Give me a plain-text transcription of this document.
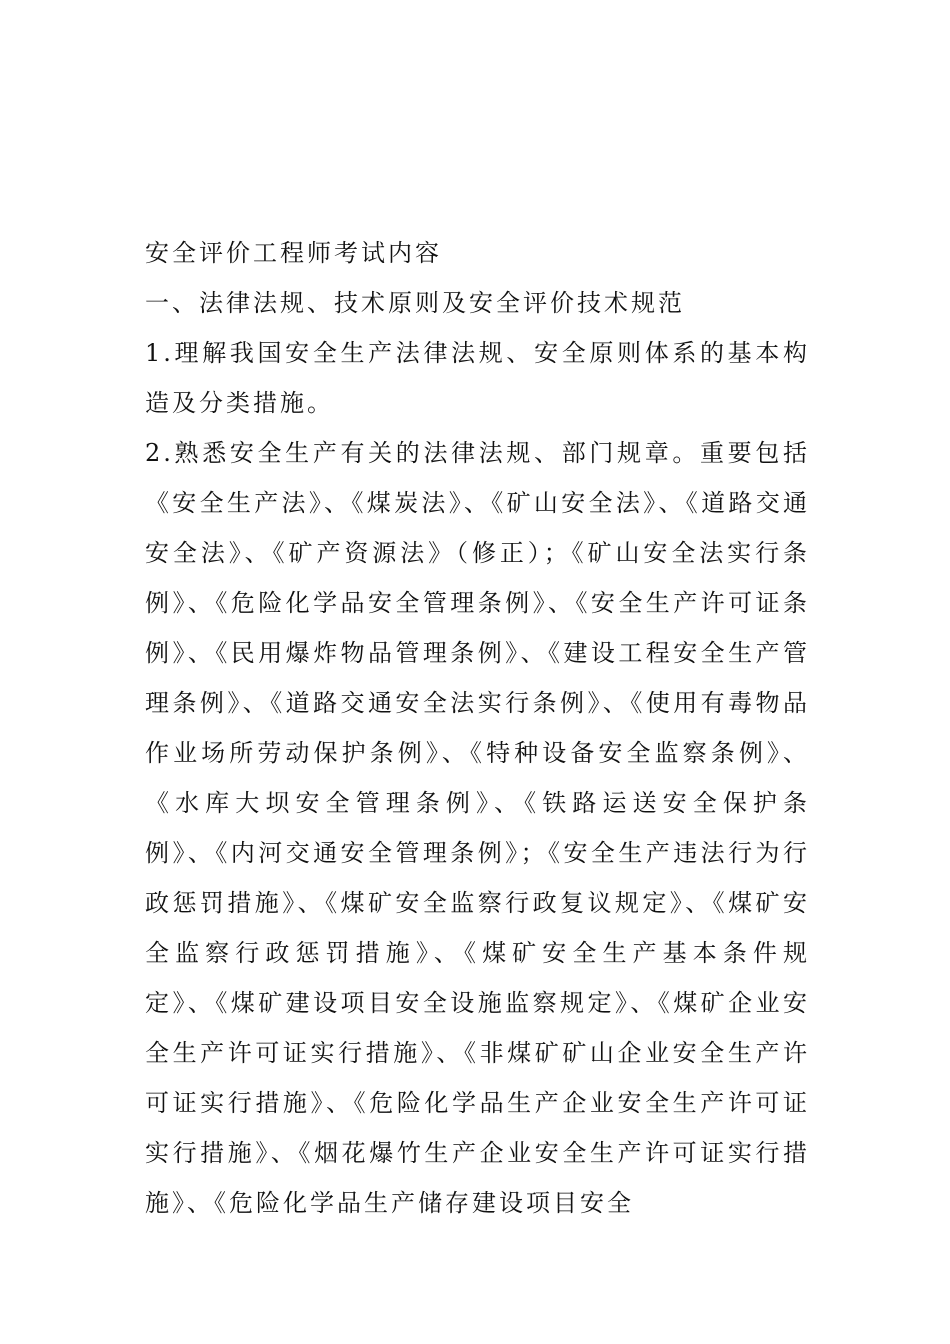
安全评价工程师考试内容

一、法律法规、技术原则及安全评价技术规范

1.理解我国安全生产法律法规、安全原则体系的基本构造及分类措施。

2.熟悉安全生产有关的法律法规、部门规章。重要包括《安全生产法》、《煤炭法》、《矿山安全法》、《道路交通安全法》、《矿产资源法》（修正）；《矿山安全法实行条例》、《危险化学品安全管理条例》、《安全生产许可证条例》、《民用爆炸物品管理条例》、《建设工程安全生产管理条例》、《道路交通安全法实行条例》、《使用有毒物品作业场所劳动保护条例》、《特种设备安全监察条例》、《水库大坝安全管理条例》、《铁路运送安全保护条例》、《内河交通安全管理条例》；《安全生产违法行为行政惩罚措施》、《煤矿安全监察行政复议规定》、《煤矿安全监察行政惩罚措施》、《煤矿安全生产基本条件规定》、《煤矿建设项目安全设施监察规定》、《煤矿企业安全生产许可证实行措施》、《非煤矿矿山企业安全生产许可证实行措施》、《危险化学品生产企业安全生产许可证实行措施》、《烟花爆竹生产企业安全生产许可证实行措施》、《危险化学品生产储存建设项目安全
